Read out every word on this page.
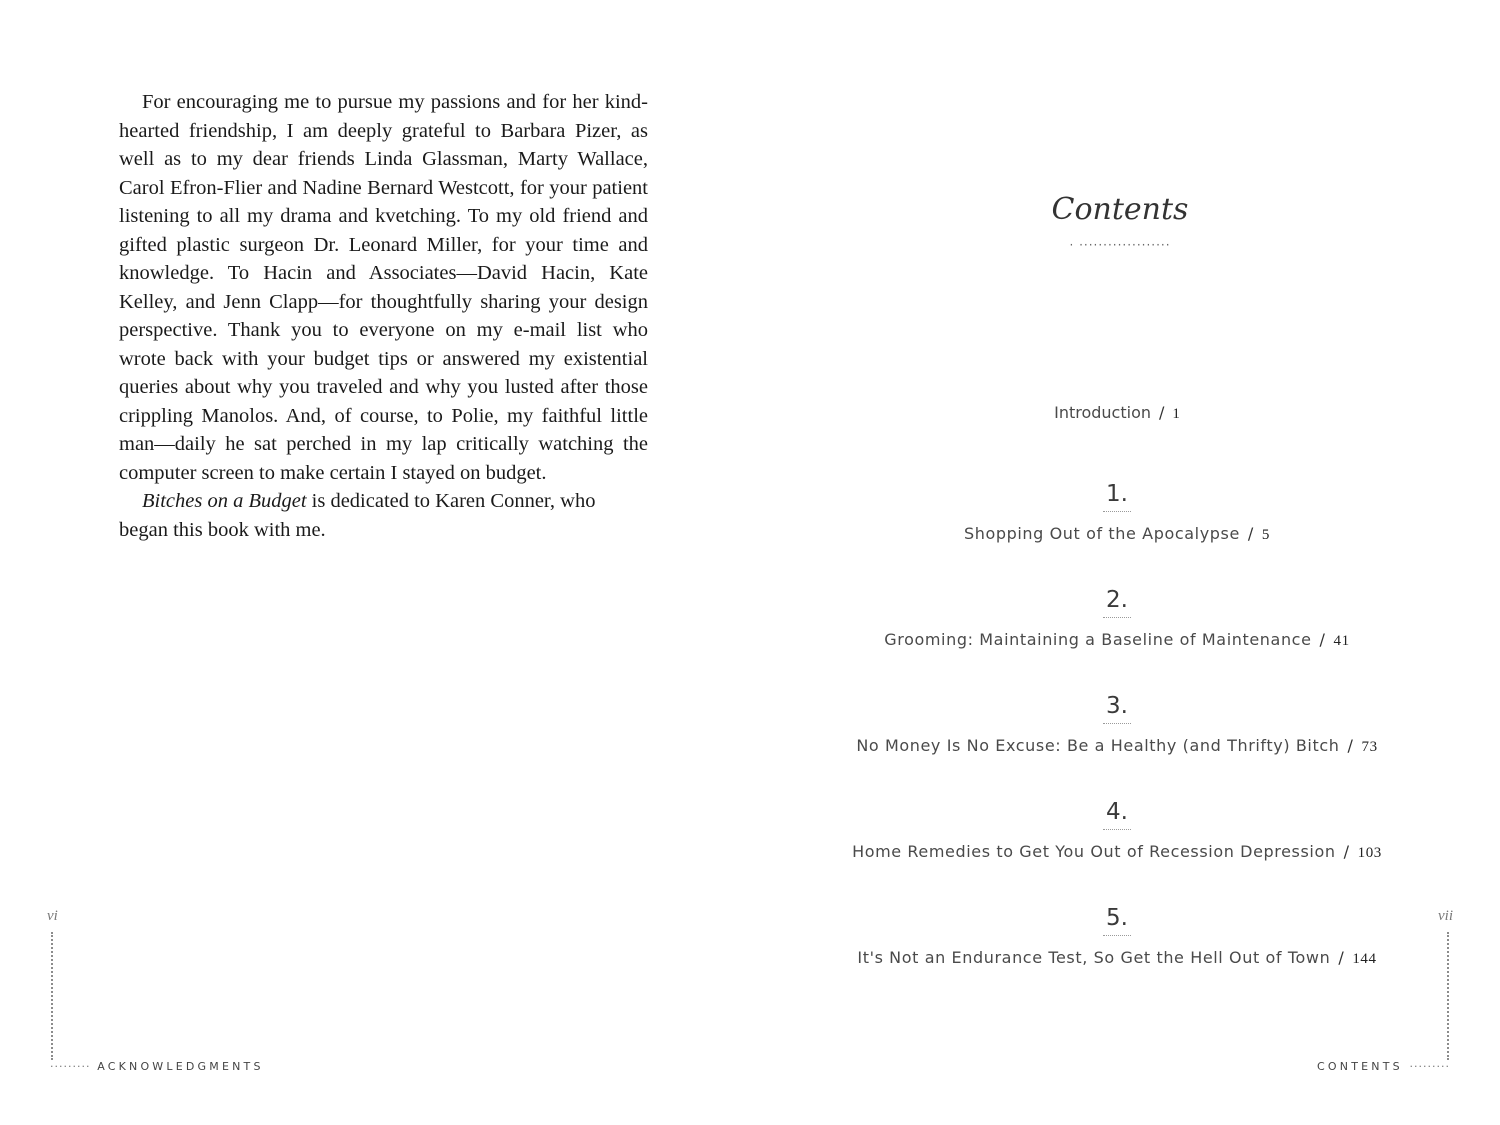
For encouraging me to pursue my passions and for her kind-hearted friendship, I am deeply grateful to Barbara Pizer, as well as to my dear friends Linda Glassman, Marty Wallace, Carol Efron-Flier and Nadine Bernard Westcott, for your patient listening to all my drama and kvetching. To my old friend and gifted plastic surgeon Dr. Leonard Miller, for your time and knowledge. To Hacin and Associates—David Hacin, Kate Kelley, and Jenn Clapp—for thoughtfully sharing your design perspective. Thank you to everyone on my e-mail list who wrote back with your budget tips or answered my existential queries about why you traveled and why you lusted after those crippling Manolos. And, of course, to Polie, my faithful little man—daily he sat perched in my lap critically watching the computer screen to make certain I stayed on budget.

Bitches on a Budget is dedicated to Karen Conner, who began this book with me.

vi
········· ACKNOWLEDGMENTS
Contents
· ···················
Introduction / 1
1.
Shopping Out of the Apocalypse / 5
2.
Grooming: Maintaining a Baseline of Maintenance / 41
3.
No Money Is No Excuse: Be a Healthy (and Thrifty) Bitch / 73
4.
Home Remedies to Get You Out of Recession Depression / 103
5.
It's Not an Endurance Test, So Get the Hell Out of Town / 144
vii
CONTENTS ·········
